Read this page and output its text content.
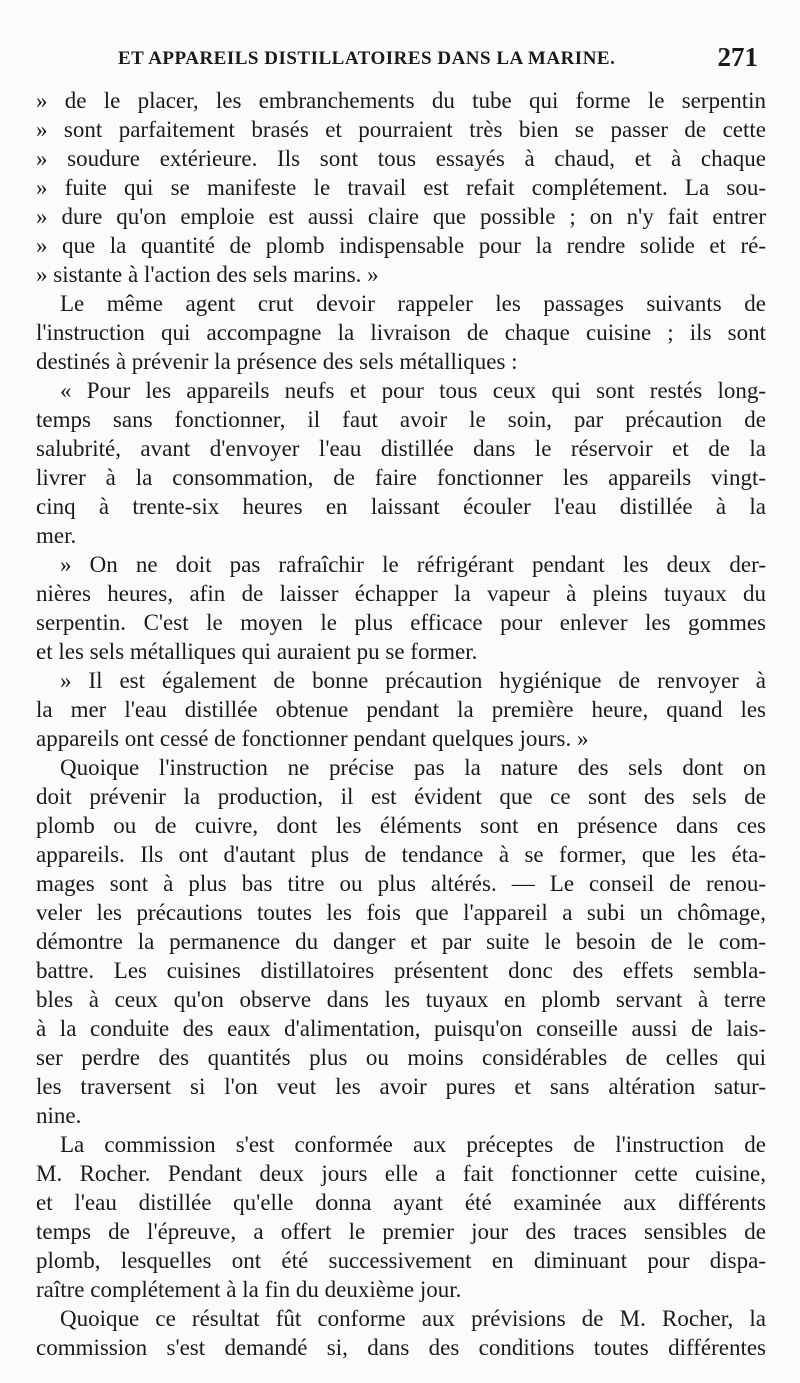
ET APPAREILS DISTILLATOIRES DANS LA MARINE.	271
» de le placer, les embranchements du tube qui forme le serpentin
» sont parfaitement brasés et pourraient très bien se passer de cette
» soudure extérieure. Ils sont tous essayés à chaud, et à chaque
» fuite qui se manifeste le travail est refait complétement. La sou-
» dure qu'on emploie est aussi claire que possible ; on n'y fait entrer
» que la quantité de plomb indispensable pour la rendre solide et ré-
» sistante à l'action des sels marins. »
Le même agent crut devoir rappeler les passages suivants de
l'instruction qui accompagne la livraison de chaque cuisine ; ils sont
destinés à prévenir la présence des sels métalliques :
« Pour les appareils neufs et pour tous ceux qui sont restés long-
temps sans fonctionner, il faut avoir le soin, par précaution de
salubrité, avant d'envoyer l'eau distillée dans le réservoir et de la
livrer à la consommation, de faire fonctionner les appareils vingt-
cinq à trente-six heures en laissant écouler l'eau distillée à la
mer.
» On ne doit pas rafraîchir le réfrigérant pendant les deux der-
nières heures, afin de laisser échapper la vapeur à pleins tuyaux du
serpentin. C'est le moyen le plus efficace pour enlever les gommes
et les sels métalliques qui auraient pu se former.
» Il est également de bonne précaution hygiénique de renvoyer à
la mer l'eau distillée obtenue pendant la première heure, quand les
appareils ont cessé de fonctionner pendant quelques jours. »
Quoique l'instruction ne précise pas la nature des sels dont on
doit prévenir la production, il est évident que ce sont des sels de
plomb ou de cuivre, dont les éléments sont en présence dans ces
appareils. Ils ont d'autant plus de tendance à se former, que les éta-
mages sont à plus bas titre ou plus altérés. — Le conseil de renou-
veler les précautions toutes les fois que l'appareil a subi un chômage,
démontre la permanence du danger et par suite le besoin de le com-
battre. Les cuisines distillatoires présentent donc des effets sembla-
bles à ceux qu'on observe dans les tuyaux en plomb servant à terre
à la conduite des eaux d'alimentation, puisqu'on conseille aussi de lais-
ser perdre des quantités plus ou moins considérables de celles qui
les traversent si l'on veut les avoir pures et sans altération satur-
nine.
La commission s'est conformée aux préceptes de l'instruction de
M. Rocher. Pendant deux jours elle a fait fonctionner cette cuisine,
et l'eau distillée qu'elle donna ayant été examinée aux différents
temps de l'épreuve, a offert le premier jour des traces sensibles de
plomb, lesquelles ont été successivement en diminuant pour dispa-
raître complétement à la fin du deuxième jour.
Quoique ce résultat fût conforme aux prévisions de M. Rocher, la
commission s'est demandé si, dans des conditions toutes différentes
